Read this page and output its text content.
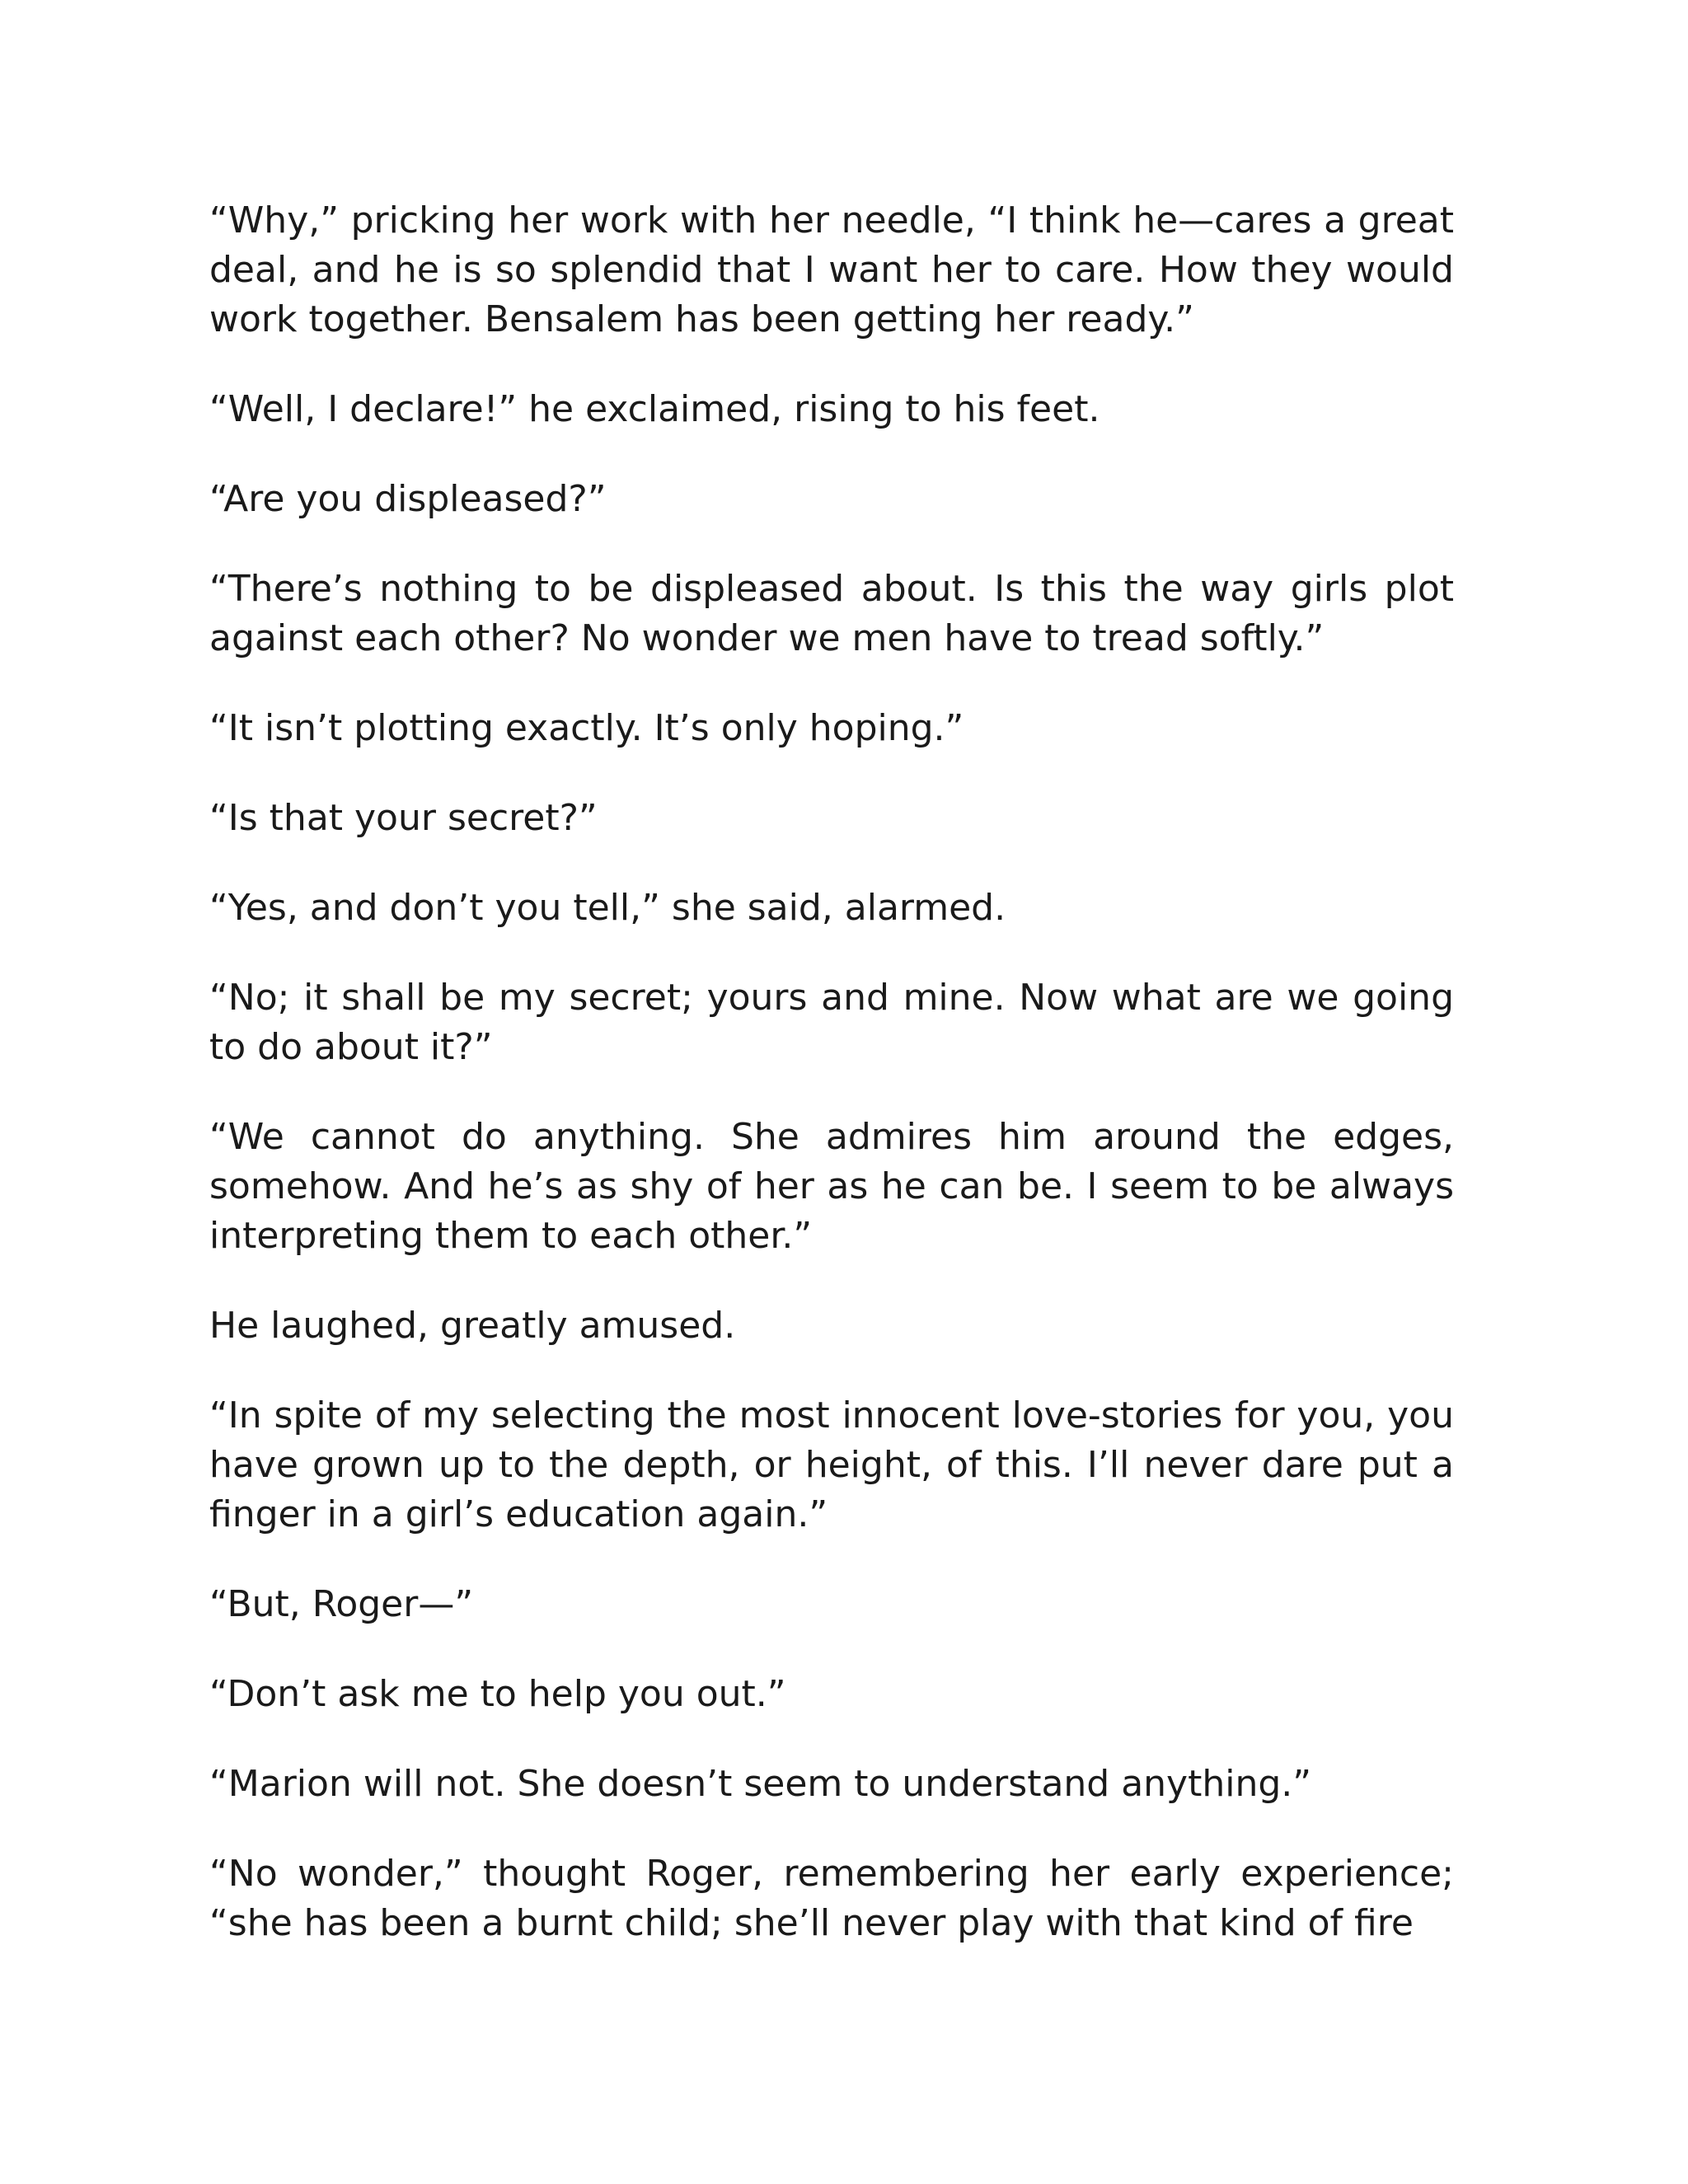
“Why,” pricking her work with her needle, “I think he—cares a great deal, and he is so splendid that I want her to care. How they would work together. Bensalem has been getting her ready.”

“Well, I declare!” he exclaimed, rising to his feet.

“Are you displeased?”

“There’s nothing to be displeased about. Is this the way girls plot against each other? No wonder we men have to tread softly.”

“It isn’t plotting exactly. It’s only hoping.”

“Is that your secret?”

“Yes, and don’t you tell,” she said, alarmed.

“No; it shall be my secret; yours and mine. Now what are we going to do about it?”

“We cannot do anything. She admires him around the edges, somehow. And he’s as shy of her as he can be. I seem to be always interpreting them to each other.”

He laughed, greatly amused.

“In spite of my selecting the most innocent love-stories for you, you have grown up to the depth, or height, of this. I’ll never dare put a finger in a girl’s education again.”

“But, Roger—”

“Don’t ask me to help you out.”

“Marion will not. She doesn’t seem to understand anything.”

“No wonder,” thought Roger, remembering her early experience; “she has been a burnt child; she’ll never play with that kind of fire
